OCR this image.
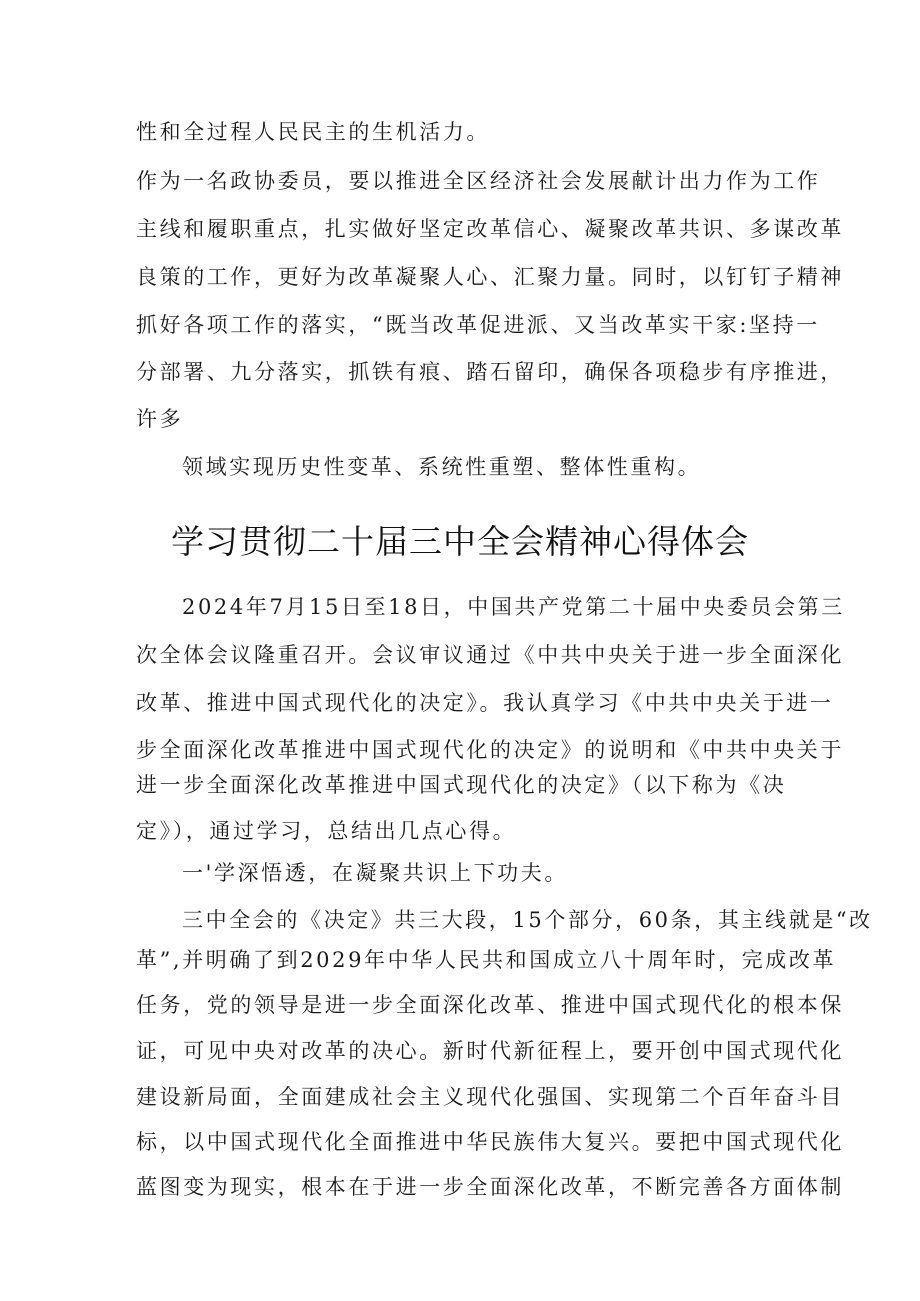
性和全过程人民民主的生机活力。
作为一名政协委员，要以推进全区经济社会发展献计出力作为工作
主线和履职重点，扎实做好坚定改革信心、凝聚改革共识、多谋改革
良策的工作，更好为改革凝聚人心、汇聚力量。同时，以钉钉子精神
抓好各项工作的落实，“既当改革促进派、又当改革实干家:坚持一
分部署、九分落实，抓铁有痕、踏石留印，确保各项稳步有序推进，
许多
领域实现历史性变革、系统性重塑、整体性重构。
学习贯彻二十届三中全会精神心得体会
2024年7月15日至18日，中国共产党第二十届中央委员会第三
次全体会议隆重召开。会议审议通过《中共中央关于进一步全面深化
改革、推进中国式现代化的决定》。我认真学习《中共中央关于进一
步全面深化改革推进中国式现代化的决定》的说明和《中共中央关于
进一步全面深化改革推进中国式现代化的决定》（以下称为《决
定》），通过学习，总结出几点心得。
一'学深悟透，在凝聚共识上下功夫。
三中全会的《决定》共三大段，15个部分，60条，其主线就是“改
革”,并明确了到2029年中华人民共和国成立八十周年时，完成改革
任务，党的领导是进一步全面深化改革、推进中国式现代化的根本保
证，可见中央对改革的决心。新时代新征程上，要开创中国式现代化
建设新局面，全面建成社会主义现代化强国、实现第二个百年奋斗目
标，以中国式现代化全面推进中华民族伟大复兴。要把中国式现代化
蓝图变为现实，根本在于进一步全面深化改革，不断完善各方面体制
